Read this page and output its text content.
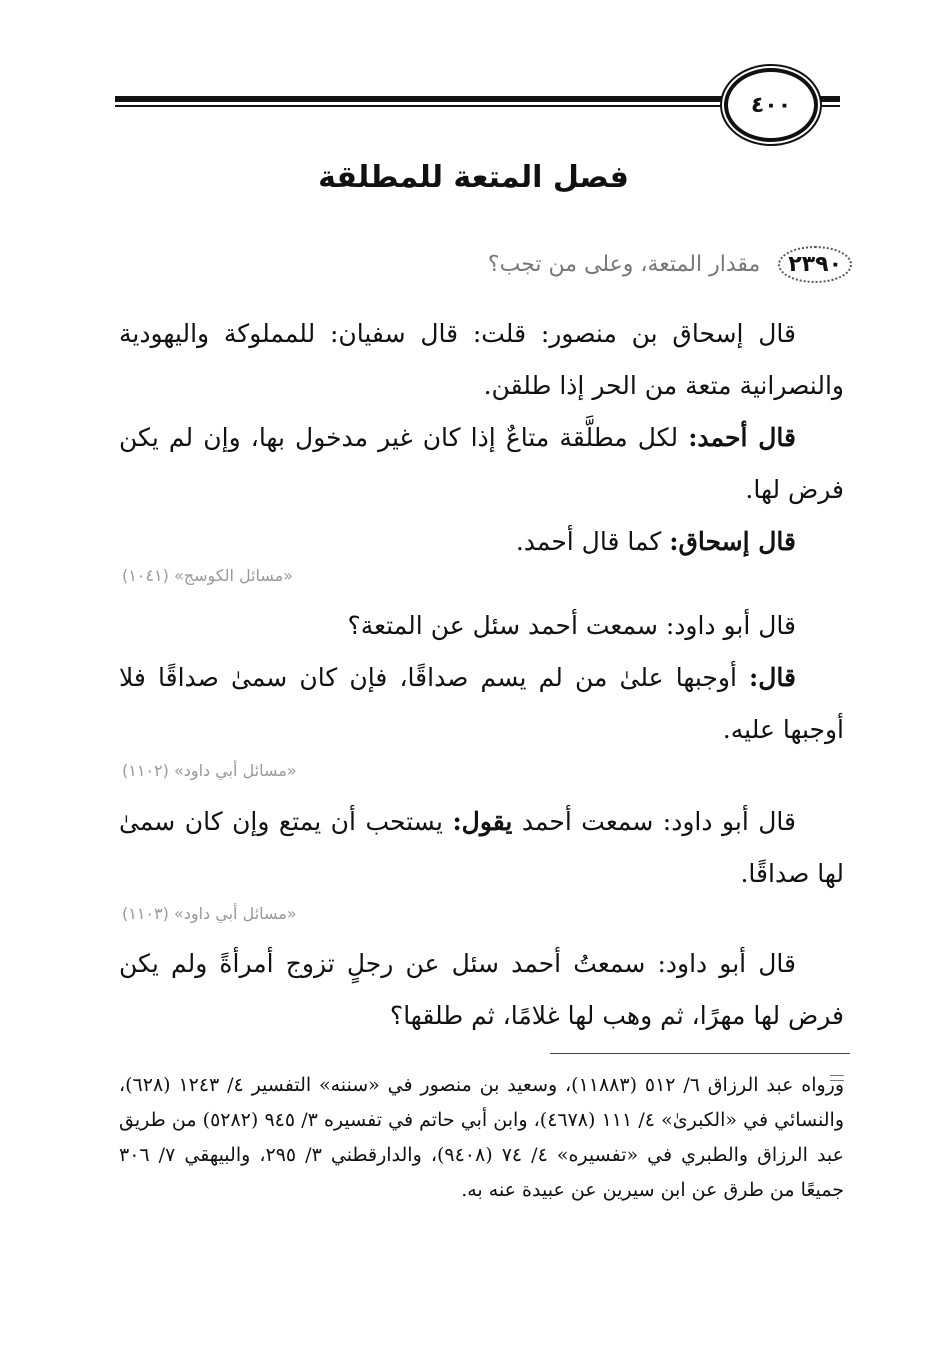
٤٠٠
فصل المتعة للمطلقة
٢٣٩٠
مقدار المتعة، وعلى من تجب؟

قال إسحاق بن منصور: قلت: قال سفيان: للمملوكة واليهودية والنصرانية متعة من الحر إذا طلقن.

قال أحمد: لكل مطلَّقة متاعٌ إذا كان غير مدخول بها، وإن لم يكن فرض لها.

قال إسحاق: كما قال أحمد.

«مسائل الكوسج» (١٠٤١)

قال أبو داود: سمعت أحمد سئل عن المتعة؟

قال: أوجبها علىٰ من لم يسم صداقًا، فإن كان سمىٰ صداقًا فلا أوجبها عليه.

«مسائل أبي داود» (١١٠٢)

قال أبو داود: سمعت أحمد يقول: يستحب أن يمتع وإن كان سمىٰ لها صداقًا.

«مسائل أبي داود» (١١٠٣)

قال أبو داود: سمعتُ أحمد سئل عن رجلٍ تزوج أمرأةً ولم يكن فرض لها مهرًا، ثم وهب لها غلامًا، ثم طلقها؟

ورواه عبد الرزاق ٦/ ٥١٢ (١١٨٨٣)، وسعيد بن منصور في «سننه» التفسير ٤/ ١٢٤٣ (٦٢٨)، والنسائي في «الكبرىٰ» ٤/ ١١١ (٤٦٧٨)، وابن أبي حاتم في تفسيره ٣/ ٩٤٥ (٥٢٨٢) من طريق عبد الرزاق والطبري في «تفسيره» ٤/ ٧٤ (٩٤٠٨)، والدارقطني ٣/ ٢٩٥، والبيهقي ٧/ ٣٠٦ جميعًا من طرق عن ابن سيرين عن عبيدة عنه به.
